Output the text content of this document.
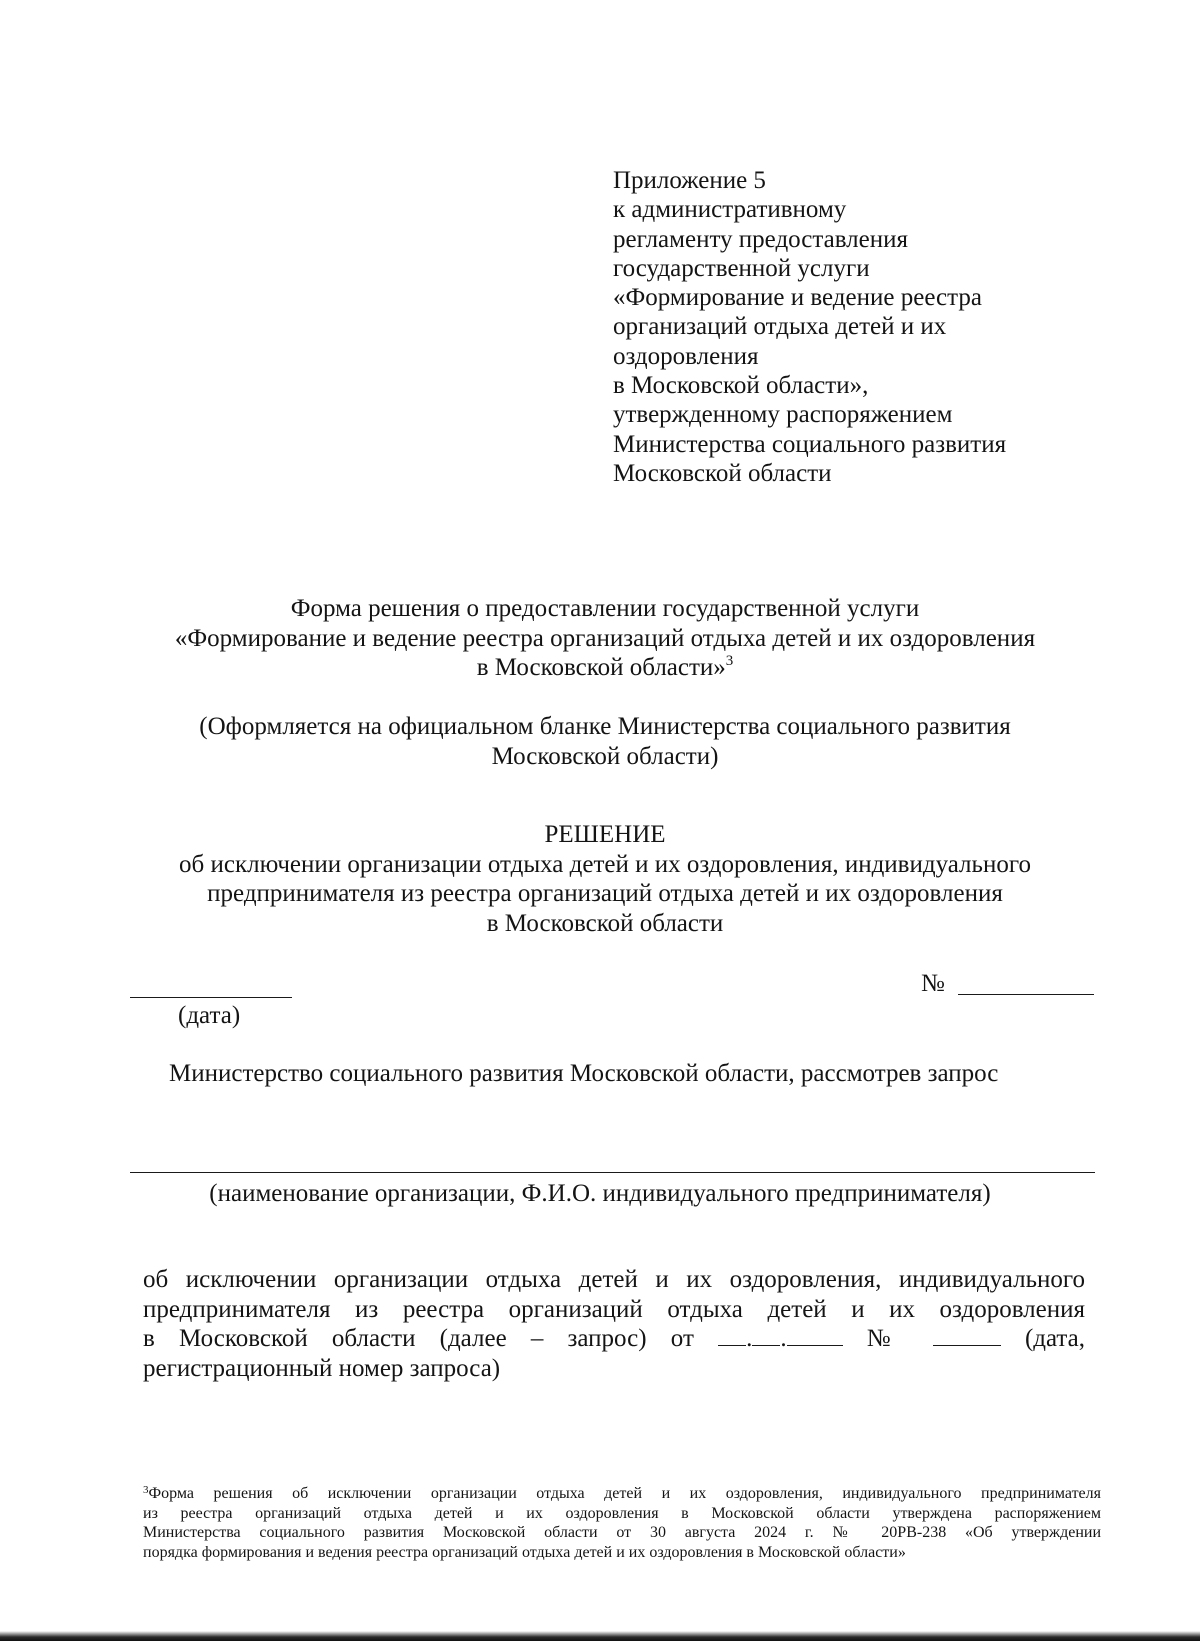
Приложение 5
к административному
регламенту предоставления
государственной услуги
«Формирование и ведение реестра
организаций отдыха детей и их
оздоровления
в Московской области»,
утвержденному распоряжением
Министерства социального развития
Московской области
Форма решения о предоставлении государственной услуги
«Формирование и ведение реестра организаций отдыха детей и их оздоровления
в Московской области»$^3$
(Оформляется на официальном бланке Министерства социального развития
Московской области)
РЕШЕНИЕ
об исключении организации отдыха детей и их оздоровления, индивидуального
предпринимателя из реестра организаций отдыха детей и их оздоровления
в Московской области
(дата)
№
Министерство социального развития Московской области, рассмотрев запрос
(наименование организации, Ф.И.О. индивидуального предпринимателя)
об исключении организации отдыха детей и их оздоровления, индивидуального
предпринимателя из реестра организаций отдыха детей и их оздоровления
в Московской области (далее – запрос) от . .	№	(дата,
регистрационный номер запроса)
$^3$Форма решения об исключении организации отдыха детей и их оздоровления, индивидуального предпринимателя
из реестра организаций отдыха детей и их оздоровления в Московской области утверждена распоряжением
Министерства социального развития Московской области от 30 августа 2024 г. № 20РВ-238 «Об утверждении
порядка формирования и ведения реестра организаций отдыха детей и их оздоровления в Московской области»
